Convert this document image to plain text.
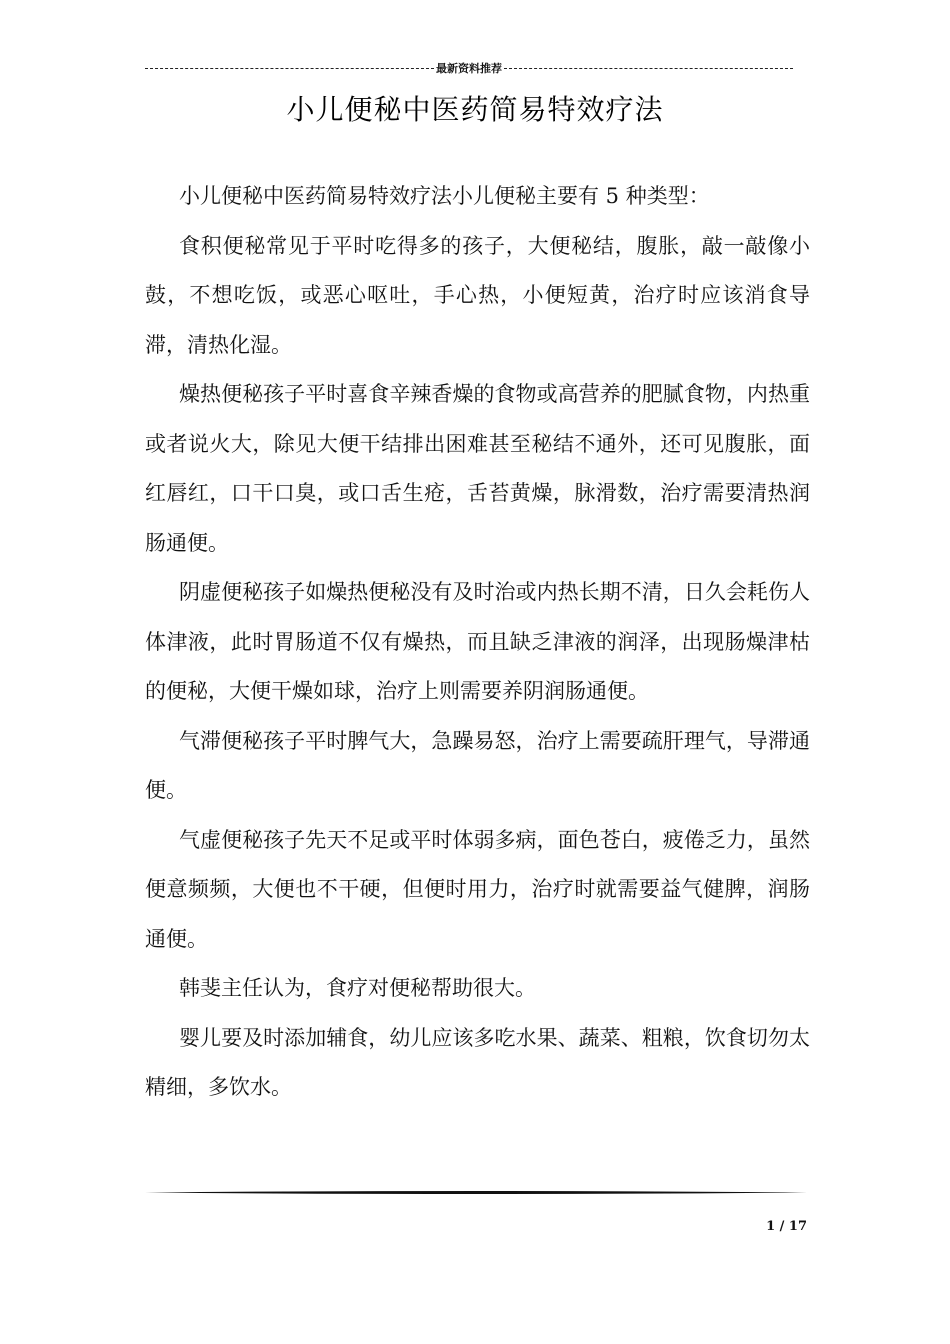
最新资料推荐
小儿便秘中医药简易特效疗法

小儿便秘中医药简易特效疗法小儿便秘主要有 5 种类型：

食积便秘常见于平时吃得多的孩子，大便秘结，腹胀，敲一敲像小鼓，不想吃饭，或恶心呕吐，手心热，小便短黄，治疗时应该消食导滞，清热化湿。

燥热便秘孩子平时喜食辛辣香燥的食物或高营养的肥腻食物，内热重或者说火大，除见大便干结排出困难甚至秘结不通外，还可见腹胀，面红唇红，口干口臭，或口舌生疮，舌苔黄燥，脉滑数，治疗需要清热润肠通便。

阴虚便秘孩子如燥热便秘没有及时治或内热长期不清，日久会耗伤人体津液，此时胃肠道不仅有燥热，而且缺乏津液的润泽，出现肠燥津枯的便秘，大便干燥如球，治疗上则需要养阴润肠通便。

气滞便秘孩子平时脾气大，急躁易怒，治疗上需要疏肝理气，导滞通便。

气虚便秘孩子先天不足或平时体弱多病，面色苍白，疲倦乏力，虽然便意频频，大便也不干硬，但便时用力，治疗时就需要益气健脾，润肠通便。

韩斐主任认为，食疗对便秘帮助很大。

婴儿要及时添加辅食，幼儿应该多吃水果、蔬菜、粗粮，饮食切勿太精细，多饮水。

1 / 17
